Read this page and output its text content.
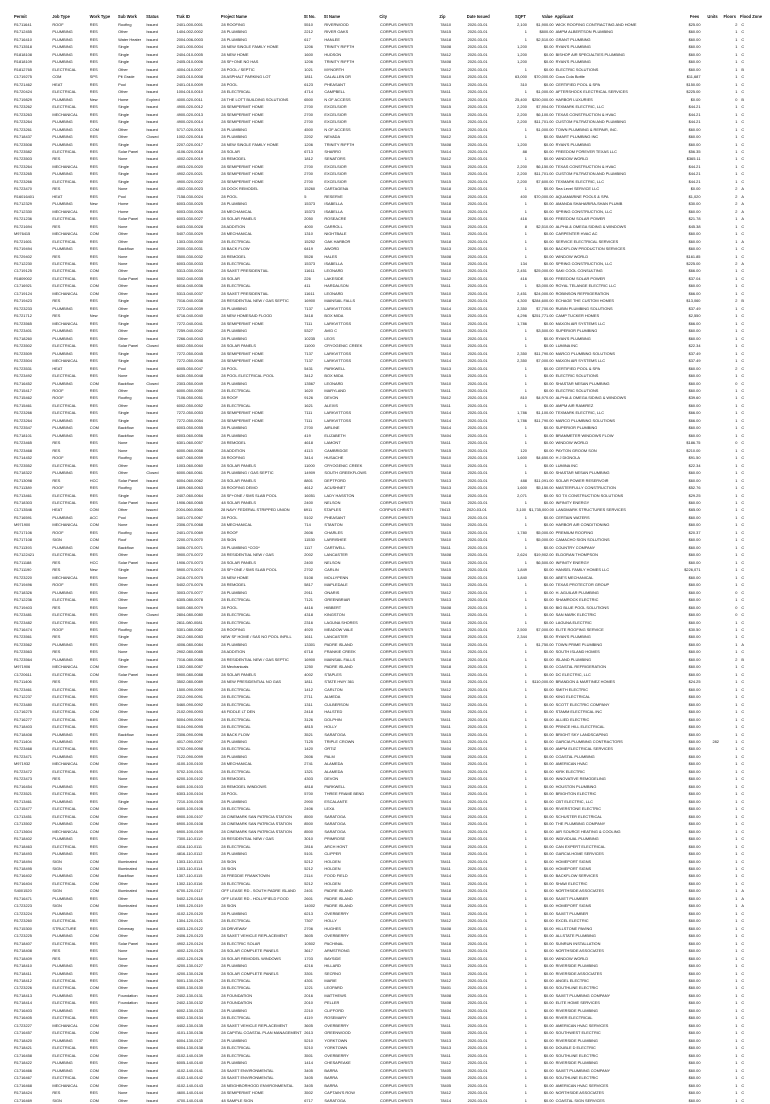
Permit	Job Type	Work Type	Sub Work	Status	Trak ID	Project Name	St No.	St Name	City	Zip	Date Issued	SQFT	Value Applicant	Fees	Units	Floors Flood Zone
R1711641	ROOF	RES	Roofing	Issued	2401-000-0001	28 ROOFING	5510	RIVERWOOD	CORPUS CHRISTI	78410	2020-03-01	2,100	$1,900.00 WICK ROOFING CONTRACTING AND HOME	$25.00	2	C
R1712455	PLUMBING	RES	Other	Issued	1404-002-0002	28 PLUMBING	2212	RIVER OAKS	CORPUS CHRISTI	78415	2020-03-01	1	$800.00 AMPM ALBERTSON PLUMBING	$60.00	1	C
R1716410	PLUMBING	RES	Water Heater	Issued	2004-006-0003	28 PLUMBING	617	HANLEE	CORPUS CHRISTI	78418	2020-03-01	1	$2,510.00 GRANT PLUMBING	$60.00	1	C
R1713518	PLUMBING	RES	Single	Issued	2401-000-0004	28 NEW SINGLE FAMILY HOME	1206	TRINITY RIFFTH	CORPUS CHRISTI	78408	2020-03-01	1,200	$0.00 RYAN'S PLUMBING	$60.00	1	C
R1818108	PLUMBING	RES	Single	Issued	2404-010-0005	28 NEW HOME	1600	HUDSON	CORPUS CHRISTI	78412	2020-03-01	1,200	$0.00 BISHOP AIR SPECIALTIES PLUMBING	$60.00	1	C
R1818109	PLUMBING	RES	Single	Issued	2405-010-0006	28 SF+ONE NO HAS	1206	TRINITY RIFFTH	CORPUS CHRISTI	78408	2020-03-01	1,200	$0.00 RYAN'S PLUMBING	$60.00	1	C
R1812765	ELECTRICAL	RES	Other	Issued	4004-010-0007	28 POOL / SEPTIC	1021	MYNORTH	CORPUS CHRISTI	78412	2020-03-01	1	$0.00 ELECTRIC SOLUTIONS	$60.00	1	B
C1719275	COM	SPS	Pit Grade	Issued	2403-010-0008	28 ASPHALT PARKING LOT	1811	CALALLEN DR	CORPUS CHRISTI	78410	2020-03-01	63,000	$70,000.00 Coca Cola Bottle	$11,687	1	C
R1721462	HEAT	RES	Pool	Issued	2401-010-0009	28 POOL	6123	PHEASANT	CORPUS CHRISTI	78413	2020-03-01	310	$0.00 CERTIFIED POOL & SPA	$150.00	1	C
R1720424	ELECTRICAL	RES	Other	Issued	1004-010-0010	28 ELECTRICAL	4714	CAMPBELL	CORPUS CHRISTI	78411	2020-03-01	1	$1,000.00 AFTERSHOCK ELECTRICAL SERVICES	$225.00	1	C
R1719829	PLUMBING	New	Home	Expired	4000-020-0011	28 THE LOTT BUILDING SOLUTIONS	6500	N OF ACCESS	CORPUS CHRISTI	78410	2020-03-01	25,400	$250,000.00 HARBOR LUXURIES	$0.00	0	B
R1723262	ELECTRICAL	RES	Single	Issued	4900-020-0012	28 SEMIPERMIT HOME	2700	EXCELSIOR	CORPUS CHRISTI	78415	2020-03-01	2,200	$7,904.00 TEXMARK ELECTRIC, LLC	$44.21	1	C
R1723263	MECHANICAL	RES	Single	Issued	4900-020-0013	28 SEMIPERMIT HOME	2700	EXCELSIOR	CORPUS CHRISTI	78415	2020-03-01	2,200	$6,100.00 TEXAS CONSTRUCTION & HVAC	$44.21	1	C
R1723264	PLUMBING	RES	Single	Issued	4900-020-0014	28 SEMIPERMIT HOME	2700	EXCELSIOR	CORPUS CHRISTI	78415	2020-03-01	2,200	$11,701.00 CUSTOM FILTRATION AND PLUMBING	$44.21	1	C
R1723261	PLUMBING	COM	Other	Issued	5717-020-0015	28 PLUMBING	4500	N OF ACCESS	CORPUS CHRISTI	78413	2020-03-01	1	$1,000.00 TOWN PLUMBING & REPAIR, INC.	$60.00	1	C
R1718437	PLUMBING	RES	Other	Closed	1002-020-0016	28 PLUMBING	2202	NEVADA	CORPUS CHRISTI	78412	2020-03-01	1	$0.00 SMART PLUMBING INC	$60.00	1	C
R1723508	PLUMBING	RES	Single	Issued	2207-020-0017	28 NEW SINGLE FAMILY HOME	1206	TRINITY RIFFTH	CORPUS CHRISTI	78408	2020-03-01	1,200	$0.00 RYAN'S PLUMBING	$60.00	1	C
R1723582	ELECTRICAL	RES	Solar Panel	Issued	4106-020-0018	28 SOLAR	6713	SHARRO	CORPUS CHRISTI	78414	2020-03-01	88	$0.00 FREEDOM FOREVER TEXAS LLC	$56.35	1	C
R1723503	RES	RES	None	Issued	4002-020-0019	28 REMODEL	1812	SENATORS	CORPUS CHRISTI	78412	2020-03-01	1	$0.00 WINDOW WORLD	$365.11	1	C
R1723264	MECHANICAL	RES	Single	Issued	4903-020-0020	28 SEMIPERMIT HOME	2700	EXCELSIOR	CORPUS CHRISTI	78415	2020-03-01	2,200	$6,150.00 TEXAS CONSTRUCTION & HVAC	$44.21	1	C
R1723265	PLUMBING	RES	Single	Issued	4902-020-0021	28 SEMIPERMIT HOME	2700	EXCELSIOR	CORPUS CHRISTI	78415	2020-03-01	2,200	$11,701.00 CUSTOM FILTRATION AND PLUMBING	$44.21	1	C
R1723266	ELECTRICAL	RES	Single	Issued	4900-020-0022	28 SEMIPERMIT HOME	2700	EXCELSIOR	CORPUS CHRISTI	78415	2020-03-01	2,200	$7,600.00 TEXMARK ELECTRIC, LLC	$44.21	1	C
R1723470	RES	RES	None	Issued	4502-030-0023	28 DOCK REMODEL	15260	CARTAGENA	CORPUS CHRISTI	78418	2020-03-01	1	$0.00 Sea Level SERVICE LLC	$0.00	2	A
R16016401	HEAT	RES	Pool	Issued	7158-030-0024	28 POOL	5	RESERVE	CORPUS CHRISTI	78418	2020-03-01	400	$70,000.00 AQUAMARINE POOLS & SPA	$1,020	2	A
R1712329	PLUMBING	New	Home	Issued	6003-030-0025	28 PLUMBING	15373	ISABELLA	CORPUS CHRISTI	78418	2020-03-01	1	$0.00 AMANDA SHAHARIRA-SHAN PLUMB	$30.00	2	A
R1712330	MECHANICAL	RES	Home	Issued	6003-030-0026	28 MECHANICAL	15373	ISABELLA	CORPUS CHRISTI	78418	2020-03-01	1	$0.00 SPRING CONSTRUCTION, LLC	$60.00	2	A
R1721236	ELECTRICAL	RES	Solar Panel	Issued	6003-030-0027	28 SOLAR PANELS	2050	ROSEACRE	CORPUS CHRISTI	78418	2020-03-01	416	$0.00 FREEDOM SOLAR POWER	$21.78	1	A
R1721694	RES	RES	None	Issued	6403-030-0028	28 ADDITION	4000	CARROLL	CORPUS CHRISTI	78415	2020-03-01	8	$2,510.00 ALPHA & OMEGA SIDING & WINDOWS	$45.38	1	C
M976415	MECHANICAL	COM	Other	Issued	5407-030-0029	28 MECHANICAL	1310	NIGHTBALE	CORPUS CHRISTI	78411	2020-03-01	1	$0.00 CARPENTER HVAC AC	$60.00	1	C
R1721601	ELECTRICAL	RES	Other	Issued	1303-030-0030	28 ELECTRICAL	15252	OAK HARBOR	CORPUS CHRISTI	78418	2020-03-01	1	$0.00 SERVICE ELECTRICAL SERVICES	$60.00	1	A
R1719494	PLUMBING	RES	Backflow	Issued	2000-030-0031	28 BACK FLOW	6419	AWORD	CORPUS CHRISTI	78413	2020-03-01	1	$0.00 BACKFLOW PRODUCTION SERVICES	$60.00	1	C
R1729402	RES	RES	None	Issued	5500-030-0032	28 REMODEL	5528	HALES	CORPUS CHRISTI	78408	2020-03-01	1	$0.00 WINDOW WORLD	$161.85	1	C
R1712230	ELECTRICAL	RES	None	Issued	6003-030-0033	28 ELECTRICAL	15373	ISABELLA	CORPUS CHRISTI	78418	2020-03-01	134	$0.00 SPRING CONSTRUCTION, LLC	$225.00	2	A
C1719125	ELECTRICAL	COM	Other	Issued	5313-030-0034	28 SAXET PRESIDENTIAL	11611	LEONARD	CORPUS CHRISTI	78410	2020-03-01	2,451	$25,000.00 SAKI COOL CONSULTING	$66.00	1	C
R1809002	ELECTRICAL	RES	Solar Panel	Issued	5002-040-0035	28 SOLAR	226	LAKESIDE	CORPUS CHRISTI	78412	2020-03-01	416	$0.00 FREEDOM SOLAR POWER	$37.04	1	C
C1716921	ELECTRICAL	COM	Other	Issued	6016-040-0036	28 ELECTRICAL	411	HARDALSON	CORPUS CHRISTI	78411	2020-03-01	1	$3,000.00 ROYAL TELANGE ELECTRIC LLC	$60.00	1	C
C1719124	MECHANICAL	COM	Other	Issued	5313-040-0037	28 SAXET PRESIDENTIAL	11611	LEONARD	CORPUS CHRISTI	78410	2020-03-01	2,451	$24,000.00 ROBINSON REFRIGERATION	$66.00	1	C
R1719423	RES	RES	Single	Issued	7016-040-0038	28 RESIDENTIAL NEW / GAS SEPTIC	16900	MAINSAIL FALLS	CORPUS CHRISTI	78418	2020-03-01	4,300	$284,600.00 ECHAGE THE CUSTOM HOMES	$13,060	2	B
R1723233	PLUMBING	RES	Other	Issued	7272-040-0039	28 PLUMBING	7137	LARKVITTOSS	CORPUS CHRISTI	78414	2020-03-01	2,350	$7,700.00 RUBIN PLUMBING SOLUTIONS	$37.49	1	C
R1721712	RES	New	Single	Issued	6716-040-0040	28 NEW HOMESAID FLOOD	3418	BOX MIDA	CORPUS CHRISTI	78415	2020-03-01	4,296	$251,771.00 CAMP TUCKER HOMES	$2,550	1	C
R1723565	MECHANICAL	RES	Single	Issued	7272-040-0041	28 SEMIPERMIT HOME	7111	LARKVITTOSS	CORPUS CHRISTI	78414	2020-03-01	1,786	$0.00 MAXON AIR SYSTEMS LLC	$66.00	1	C
R1723401	PLUMBING	RES	Other	Issued	7259-040-0042	28 PLUMBING	5327	AVID C	CORPUS CHRISTI	78415	2020-03-01	1	$3,500.00 SUPERIOR PLUMBING	$60.00	1	C
R1718260	PLUMBING	RES	Other	Issued	7266-040-0043	28 PLUMBING	10235	LEOS	CORPUS CHRISTI	78418	2020-03-01	1	$0.00 RYAN'S PLUMBING	$60.00	1	C
R1723502	ELECTRICAL	RES	Solar Panel	Closed	6002-050-0044	28 SOLAR PANELS	11000	CRYOGENIC CREEK	CORPUS CHRISTI	78410	2020-03-01	1	$0.00 LUMINA INC	$22.34	1	C
R1723509	PLUMBING	RES	Single	Issued	7272-050-0045	28 SEMIPERMIT HOME	7137	LARKVITTOSS	CORPUS CHRISTI	78414	2020-03-01	2,350	$11,790.00 MARCO PLUMBING SOLUTIONS	$37.49	1	C
R1723504	MECHANICAL	RES	Single	Issued	7272-050-0046	28 SEMIPERMIT HOME	7137	LARKVITTOSS	CORPUS CHRISTI	78414	2020-03-01	2,350	$7,000.00 MAXON AIR SYSTEMS LLC	$37.49	1	C
R1723531	HEAT	RES	Pool	Issued	6005-050-0047	28 POOL	5431	PARKWELL	CORPUS CHRISTI	78413	2020-03-01	1	$0.00 CERTIFIED POOL & SPA	$60.00	2	C
R1723492	ELECTRICAL	RES	None	Issued	6430-050-0048	28 POOL ELECTRICAL POOL	3412	BOX MIDA	CORPUS CHRISTI	78415	2020-03-01	1	$0.00 ELECTRIC SOLUTIONS	$60.00	1	C
R1716452	PLUMBING	COM	Backflow	Closed	2303-050-0049	28 PLUMBING	13567	LEONARD	CORPUS CHRISTI	78410	2020-03-01	1	$0.00 SHASTAR NESAN PLUMBING	$60.00	0	C
R1715417	ROOF	RES	Other	Issued	6000-050-0050	28 ELECTRICAL	1620	MARYLAND	CORPUS CHRISTI	78411	2020-03-01	1	$0.00 ELECTRIC SOLUTIONS	$60.00	1	C
R1715462	ROOF	RES	Roofing	Issued	7106-050-0051	28 ROOF	9126	DEVON	CORPUS CHRISTI	78412	2020-03-01	810	$4,970.00 ALPHA & OMEGA SIDING & WINDOWS	$39.60	1	C
R1715461	ELECTRICAL	RES	Other	Issued	6002-050-0052	28 ELECTRICAL	1621	ALEXIS	CORPUS CHRISTI	78411	2020-03-01	1	$0.00 AMPM AIR RAMIREZ	$60.00	1	C
R1723266	ELECTRICAL	RES	Single	Issued	7272-050-0053	28 SEMIPERMIT HOME	7111	LARKVITTOSS	CORPUS CHRISTI	78414	2020-03-01	1,786	$1,100.00 TEXMARK ELECTRIC, LLC	$66.00	1	C
R1723264	PLUMBING	RES	Single	Issued	7272-050-0054	28 SEMIPERMIT HOME	7111	LARKVITTOSS	CORPUS CHRISTI	78414	2020-03-01	1,786	$11,790.00 MARCO PLUMBING SOLUTIONS	$66.00	1	C
R1723547	PLUMBING	COM	Backflow	Issued	6003-050-0055	28 PLUMBING	2700	AIRLINE	CORPUS CHRISTI	78414	2020-03-01	1	$0.00 SUPERIOR PLUMBING	$60.00	1	C
R1718101	PLUMBING	RES	Backflow	Issued	6003-060-0056	28 PLUMBING	419	ELIZABETH	CORPUS CHRISTI	78404	2020-03-01	1	$0.00 BRAMMETER WINDOWS FLOW	$60.00	1	C
R1723465	RES	RES	None	Issued	6301-060-0057	28 REMODEL	4618	LAMONT	CORPUS CHRISTI	78411	2020-03-01	1	$0.00 WINDOW WORLD	$186.75	0	C
R1723468	RES	RES	None	Issued	6000-060-0058	28 ADDITION	4113	CAMBRIDGE	CORPUS CHRISTI	78415	2020-03-01	120	$0.00 PAYTON GROOM SON	$210.00	1	C
R1714452	ROOF	RES	Roofing	Issued	6407-060-0059	28 ROOFING	3414	HUSACHE	CORPUS CHRISTI	78410	2020-03-01	1,600	$4,650.00 H J DIGNOLA	$91.50	1	C
R1723552	ELECTRICAL	RES	Other	Issued	1003-060-0060	28 SOLAR PANELS	11000	CRYOGENIC CREEK	CORPUS CHRISTI	78410	2020-03-01	1	$0.00 LUMINA INC	$22.34	1	C
R1718322	PLUMBING	RES	Other	Closed	6000-060-0061	28 PLUMBING / GAS SEPTIC	14909	SOUTH GREEKFLOWS	CORPUS CHRISTI	78418	2020-03-01	1	$0.00 SHASTAR NESAN PLUMBING	$60.00	1	C
R1713098	RES	HCC	Solar Panel	Issued	6004-060-0062	28 SOLAR PANELS	8801	DEPTFORD	CORPUS CHRISTI	78413	2020-03-01	488	$11,091.00 SOLAR POWER RESERVOIR	$60.00	1	C
R1711389	ROOF	RES	Roofing	Issued	1809-060-0063	28 ROOFING DEMO	4612	ACUSHNET	CORPUS CHRISTI	78413	2020-03-01	1,600	$5,150.00 MASTERFULLY CONSTRUCTION	$52.76	1	C
R1713461	ELECTRICAL	RES	Single	Issued	2407-060-0064	28 SF+ONE / SMS SLAB POOL	16051	LADY HASSTON	CORPUS CHRISTI	78418	2020-03-01	2,071	$0.00 SO TX CONSTRUCTION SOLUTIONS	$29.25	1	C
R1718303	ELECTRICAL	RES	Solar Panel	Issued	1906-060-0065	48 SOLAR PANELS	2400	NELSON	CORPUS CHRISTI	78415	2020-03-01	1	$0.00 INFINITY ENERGY	$60.00	1	C
C1713546	HEAT	COM	Other	Issued	2004-060-0066	28 NAVY FEDERAL STRIPPED UNION	6911	STAPLES	CORPUS CHRISTI	78413	2020-03-01	3,100 $1,735,000.00 LANDMARK STRUCTURES SERVICES	$65.00	1	C
R1716591	PLUMBING	ACC	Pool	Issued	3401-070-0067	28 POOL	5102	PHEASANT	CORPUS CHRISTI	78413	2020-03-01	1	$0.00 CERTAIN WATERS	$60.00	1	C
M971900	MECHANICAL	COM	None	Issued	2306-070-0068	28 MECHANICAL	714	STANTON	CORPUS CHRISTI	78404	2020-03-01	1	$0.00 HARBOR AIR CONDITIONING	$60.00	1	C
R1717106	ROOF	RES	Roofing	Issued	2401-070-0069	28 ROOF	2606	CHARLES	CORPUS CHRISTI	78415	2020-03-01	1,780	$5,000.00 PREMIUM ROOFING	$20.37	1	C
R1717108	SIGN	COM	Roof	Issued	2200-070-0070	28 SIGN	11530	LARRISHEE	CORPUS CHRISTI	78410	2020-03-01	1	$5,000.00 CAMACHO SIGN SOLUTIONS	$60.00	1	C
R1711393	PLUMBING	COM	Backflow	Issued	3406-070-0071	28 PLUMBING *COD*	1117	CARTWELL	CORPUS CHRISTI	78411	2020-03-01	1	$0.00 COUNTRY COMPANY	$60.00	1	C
R17122421	ELECTRICAL	RES	Other	Issued	3900-070-0072	28 RESIDENTIAL NEW / GAS	2002	LANCASTER	CORPUS CHRISTI	78408	2020-03-01	2,624	$19,902.00 ELDORAN THOMPSON	$60.00	1	C
R1711188	RES	HCC	Solar Panel	Issued	1906-070-0073	28 SOLAR PANELS	2400	NELSON	CORPUS CHRISTI	78415	2020-03-01	1	$6,500.00 INFINITY ENERGY	$60.00	1	C
R1711190	RES	New	Single	Issued	5900-070-0074	28 SF+ONE / SMS SLAB POOL	2702	CARLIN	CORPUS CHRISTI	78415	2020-03-01	1,849	$0.00 HANSEL FAMILY HOMES LLC	$226,071	1	C
R1723220	MECHANICAL	RES	None	Issued	2416-070-0075	28 NEW HOME	5108	MOLLYPENN	CORPUS CHRISTI	78408	2020-03-01	1,840	$0.00 ABE'S MECHANICAL	$60.00	1	C
R1719496	ROOF	RES	Other	Issued	5402-070-0076	28 REMODEL	5817	MAPLEDALE	CORPUS CHRISTI	78413	2020-03-01	1	$0.00 TEXAS PROTECTOR GROUP	$60.00	1	C
R1718326	PLUMBING	RES	Other	Issued	3003-070-0077	28 PLUMBING	2911	ONARIS	CORPUS CHRISTI	78412	2020-03-01	1	$0.00 H. AGUILAR PLUMBING	$60.00	0	C
R1712236	ELECTRICAL	RES	Other	Issued	6305-080-0078	28 ELECTRICAL	7121	GREENBRIAR	CORPUS CHRISTI	78413	2020-03-01	1	$0.00 SHAMROCK ELECTRIC	$60.00	1	C
R1719403	RES	RES	None	Issued	5400-080-0079	28 POOL	4416	HIBBERT	CORPUS CHRISTI	78408	2020-03-01	1	$0.00 BIG BLUE POOL SOLUTIONS	$60.00	0	C
R1723481	ELECTRICAL	RES	Other	Closed	2804-080-0080	28 ELECTRICAL	4318	KINGSTON	CORPUS CHRISTI	78411	2020-03-01	1	$0.00 SAN MARK ELECTRIC	$60.00	0	C
R1723482	ELECTRICAL	RES	Other	Issued	2811-080-0081	28 ELECTRICAL	2316	LAGUNA SHORES	CORPUS CHRISTI	78418	2020-03-01	1	$0.00 LAGUNA ELECTRIC	$60.00	1	C
R1716474	ROOF	RES	Roofing	Issued	5301-080-0082	28 ROOFING	4920	MEADOW VALE	CORPUS CHRISTI	78413	2020-03-01	2,500	$7,000.00 ELITE ROOFING SERVICE	$30.50	1	C
R1723561	RES	RES	Single	Issued	2612-080-0083	NEW SF HOME / SAS NO POOL INFILL	1611	LANCASTER	CORPUS CHRISTI	78418	2020-03-01	2,344	$0.00 RYAN'S PLUMBING	$60.00	1	C
R1723562	PLUMBING	RES	Other	Issued	4006-080-0084	28 PLUMBING	13301	PADRE ISLAND	CORPUS CHRISTI	78418	2020-03-01	1	$1,750.00 TOWN PRIME PLUMBING	$60.00	1	A
R1723563	RES	RES	None	Issued	2902-080-0085	28 ADDITION	6718	FRANKIE CREEK	CORPUS CHRISTI	78414	2020-03-01	1	$0.00 SOUTH ISLAND HOMES	$60.00	1	C
R1723564	PLUMBING	RES	Single	Issued	7016-080-0086	28 RESIDENTIAL NEW / GAS SEPTIC	16900	MAINSAIL FALLS	CORPUS CHRISTI	78418	2020-03-01	1	$0.00 ISLAND PLUMBING	$60.00	2	B
M971906	MECHANICAL	COM	Other	Issued	1302-080-0087	28 Mechanicals	1250	PADRE ISLAND	CORPUS CHRISTI	78418	2020-03-01	1	$0.00 COASTAL REFRIGERATION	$60.00	1	C
C1720611	ELECTRICAL	COM	Solar Panel	Issued	5900-080-0088	28 SOLAR PANELS	4002	STAPLES	CORPUS CHRISTI	78411	2020-03-01	1	$0.00 DC ELECTRIC, LLC	$60.00	1	C
R1711406	RES	RES	Other	Issued	3502-080-0089	28 NEW PRESIDENTIAL NO GAS	1811	STATE HWY 361	CORPUS CHRISTI	78418	2020-03-01	1	$110,000.00 BRANDON & MARTINEZ HOMES	$24.25	1	C
R1723461	ELECTRICAL	RES	Other	Issued	1500-090-0090	28 ELECTRICAL	1412	CARLTON	CORPUS CHRISTI	78412	2020-03-01	1	$0.00 SMITH ELECTRIC	$60.00	1	C
R1712237	ELECTRICAL	RES	Other	Issued	2312-090-0091	28 ELECTRICAL	2711	ALMEDA	CORPUS CHRISTI	78404	2020-03-01	1	$0.00 KING ELECTRICAL	$60.00	1	C
R1723480	ELECTRICAL	RES	Other	Issued	5460-090-0092	28 ELECTRICAL	1311	CULBERSON	CORPUS CHRISTI	78412	2020-03-01	1	$0.00 SCOTT ELECTRIC COMPANY	$60.00	1	C
C1716275	ELECTRICAL	COM	Other	Issued	2102-090-0093	48 FIDDLE LT DEN	2418	HALSTED	CORPUS CHRISTI	78404	2020-03-01	1	$0.00 STAMM ELECTRICAL INC	$60.00	1	C
R1716277	ELECTRICAL	RES	Other	Issued	5004-090-0094	28 ELECTRICAL	3126	DOLPHIN	CORPUS CHRISTI	78411	2020-03-01	1	$0.00 ALLIED ELECTRIC	$60.00	1	C
R1718403	ELECTRICAL	RES	Other	Issued	5104-090-0095	28 ELECTRICAL	4815	HOLLY	CORPUS CHRISTI	78411	2020-03-01	1	$0.00 PRINCE HILL ELECTRICAL	$60.00	1	C
R1718408	PLUMBING	RES	Backflow	Issued	2306-090-0096	28 BACK FLOW	3521	SARATOGA	CORPUS CHRISTI	78415	2020-03-01	1	$0.00 BRIGHT SKY LANDSCAPING	$60.00	1	C
R1711404	PLUMBING	RES	Other	Issued	4017-090-0097	28 PLUMBING	7125	TRIPLE CROWN	CORPUS CHRISTI	78413	2020-03-01	1	$0.00 GARCIA PLUMBING CONTRACTORS	$60.00	282	1	C
R1723468	ELECTRICAL	RES	Other	Issued	5702-090-0098	28 ELECTRICAL	1420	ORTIZ	CORPUS CHRISTI	78404	2020-03-01	1	$0.00 AMPM ELECTRICAL SERVICES	$60.00	1	C
R1723471	PLUMBING	RES	Other	Issued	7122-090-0099	28 PLUMBING	2606	PALM	CORPUS CHRISTI	78408	2020-03-01	1	$0.00 COASTAL PLUMBING	$60.00	1	C
M971932	MECHANICAL	COM	Other	Issued	4100-100-0100	28 MECHANICAL	2741	ALAMEDA	CORPUS CHRISTI	78404	2020-03-01	1	$0.00 AMERICAN HVAC	$60.00	1	C
R1723472	ELECTRICAL	RES	Other	Issued	5702-100-0101	28 ELECTRICAL	1321	ALAMEDA	CORPUS CHRISTI	78404	2020-03-01	1	$0.00 KIRK ELECTRIC	$60.00	1	C
R1723473	RES	RES	None	Issued	6200-100-0102	28 REMODEL	4303	DEVON	CORPUS CHRISTI	78412	2020-03-01	1	$0.00 INNOVATIVE REMODELING	$60.00	1	C
R1716454	PLUMBING	RES	Other	Issued	6400-100-0103	28 REMODEL WINDOWS	4818	PARKWELL	CORPUS CHRISTI	78413	2020-03-01	1	$0.00 HOUSTON PLUMBING	$60.00	1	C
R1723521	ELECTRICAL	RES	Other	Issued	6303-100-0104	28 POOL	5700	THREE FRAME BEND	CORPUS CHRISTI	78414	2020-03-01	1	$0.00 BRIGHTON ELECTRIC	$60.00	1	C
R1713461	PLUMBING	RES	Single	Issued	7210-100-0105	28 PLUMBING	2900	ESCALANTE	CORPUS CHRISTI	78414	2020-03-01	1	$0.00 CBT ELECTRIC, LLC	$60.00	1	C
C1715477	ELECTRICAL	COM	Other	Issued	6400-100-0106	28 ELECTRICAL	2406	LEXA	CORPUS CHRISTI	78415	2020-03-01	1	$0.00 RIVERSTONE ELECTRIC	$60.00	1	C
C1713451	ELECTRICAL	COM	Other	Issued	6900-100-0107	28 CINEMARK SAN PATRICIA STATION	8500	SARATOGA	CORPUS CHRISTI	78414	2020-03-01	1	$0.00 SCHUSTER ELECTRICAL	$60.00	1	C
C1713502	PLUMBING	COM	Other	Issued	6900-100-0108	28 CINEMARK SAN PATRICIA STATION	8500	SARATOGA	CORPUS CHRISTI	78414	2020-03-01	1	$0.00 THE PLUMBING COMPANY	$60.00	1	C
C1713604	MECHANICAL	COM	Other	Issued	6900-100-0109	28 CINEMARK SAN PATRICIA STATION	8500	SARATOGA	CORPUS CHRISTI	78414	2020-03-01	1	$0.00 AIR SOURCE HEATING & COOLING	$60.00	1	C
R1718402	PLUMBING	RES	Other	Issued	7300-110-0110	28 RESIDENTIAL NEW / GAS	3010	PRIMROSE	CORPUS CHRISTI	78418	2020-03-01	1	$0.00 INDIVIDUAL PLUMBING	$60.00	1	C
R1718463	ELECTRICAL	RES	Other	Issued	4316-110-0111	28 ELECTRICAL	2816	ARCH HONT	CORPUS CHRISTI	78418	2020-03-01	1	$0.00 CAN EXPERT ELECTRICAL	$60.00	1	C
R1718493	PLUMBING	RES	Other	Issued	4816-110-0112	28 PLUMBING	5101	CLIPPER	CORPUS CHRISTI	78418	2020-03-01	1	$0.00 GARCIA HOME SERVICES	$60.00	1	C
R1718494	SIGN	COM	Illuminated	Issued	1303-110-0113	28 SIGN	5212	HOLDEN	CORPUS CHRISTI	78411	2020-03-01	1	$0.00 HOMEPORT SIGNS	$60.00	1	C
R1718495	SIGN	COM	Illuminated	Issued	1303-110-0114	28 SIGN	5212	HOLDEN	CORPUS CHRISTI	78411	2020-03-01	1	$0.00 HOMEPORT SIGNS	$60.00	1	C
R1716402	PLUMBING	COM	Backflow	Issued	1307-110-0115	28 FREDDIE FRANKTOWN	2114	FOOD FIELD	CORPUS CHRISTI	78414	2020-03-01	1	$0.00 BACKFLOW SERVICES	$60.00	1	C
R1716404	ELECTRICAL	COM	Other	Issued	1302-110-0116	28 ELECTRICAL	5212	HOLDEN	CORPUS CHRISTI	78411	2020-03-01	1	$0.00 SHAW ELECTRIC	$60.00	1	C
S4001520	SIGN	COM	Illuminated	Issued	6700-120-0117	OFF LEASE RD - SOUTH PADRE ISLAND	2401	PADRE ISLAND	CORPUS CHRISTI	78418	2020-03-01	1	$0.00 NORTHSIDE ASSOCIATES	$60.00	1	A
R1716471	PLUMBING	RES	Other	Issued	5402-120-0118	OFF LEASE RD - HOLLYFIELD FOOD	2601	PADRE ISLAND	CORPUS CHRISTI	78418	2020-03-01	1	$0.00 SAXET PLUMBER	$60.00	1	A
C1723223	SIGN	COM	Illuminated	Issued	1900-120-0119	28 SIGN	14002	PADRE ISLAND	CORPUS CHRISTI	78418	2020-03-01	1	$0.00 HOMEPORT SIGNS	$60.00	1	A
C1723224	PLUMBING	RES	Other	Issued	4102-120-0120	28 PLUMBING	6213	OVERBERRY	CORPUS CHRISTI	78411	2020-03-01	1	$0.00 SAXET PLUMBER	$60.00	1	C
R1723260	ELECTRICAL	RES	Other	Issued	1304-120-0121	28 ELECTRICAL	7307	HOLLY	CORPUS CHRISTI	78412	2020-03-01	1	$0.00 EXCEL ELECTRIC	$60.00	1	C
R1715300	STRUCTURE	RES	Driveway	Issued	6303-120-0122	28 DRIVEWAY	2706	HUGHES	CORPUS CHRISTI	78408	2020-03-01	1	$0.00 HILLSTONE PAVING	$60.00	1	C
C1723225	PLUMBING	COM	Other	Issued	2406-120-0123	28 SAXET VEHICLE REPLACEMENT	3605	OVERBERRY	CORPUS CHRISTI	78411	2020-03-01	1	$0.00 ALLSTATE PLUMBING	$60.00	1	C
R1718407	ELECTRICAL	RES	Solar Panel	Issued	4902-120-0124	28 ELECTRIC SOLAR	10502	PACHINAL	CORPUS CHRISTI	78418	2020-03-01	1	$0.00 SUNRUN INSTALLATION	$60.00	1	C
R1718408	RES	RES	None	Issued	4002-120-0125	28 SOLAR COMPLETE PANELS	3617	ARMSTRONG	CORPUS CHRISTI	78415	2020-03-01	1	$0.00 NORTHSIDE ASSOCIATES	$60.00	1	C
R1718409	RES	RES	None	Issued	4002-120-0126	28 SOLAR REMODEL WINDOWS	1703	BAYSIDE	CORPUS CHRISTI	78411	2020-03-01	1	$0.00 WINDOW WORLD	$60.00	1	C
R1718410	PLUMBING	RES	Other	Issued	4200-130-0127	28 PLUMBING	4216	HILLARD	CORPUS CHRISTI	78413	2020-03-01	1	$0.00 RIVERSIDE PLUMBING	$60.00	1	C
R1718411	PLUMBING	RES	Other	Issued	4200-130-0128	28 SOLAR COMPLETE PANELS	3301	SECRNO	CORPUS CHRISTI	78415	2020-03-01	1	$0.00 RIVERSIDE ASSOCIATES	$60.00	1	C
R1718412	ELECTRICAL	RES	Other	Issued	5001-130-0129	28 ELECTRICAL	4301	MARIE	CORPUS CHRISTI	78412	2020-03-01	1	$0.00 ANGEL ELECTRIC	$60.00	1	C
C1723226	ELECTRICAL	COM	Other	Issued	6300-130-0130	28 ELECTRICAL	1221	LEOPARD	CORPUS CHRISTI	78401	2020-03-01	1	$0.00 SOUTHLINE ELECTRIC	$60.00	1	C
R1718413	PLUMBING	RES	Foundation	Issued	2402-130-0131	28 FOUNDATION	2016	MATTHEWS	CORPUS CHRISTI	78408	2020-03-01	1	$0.00 SAXET PLUMBING COMPANY	$60.00	1	C
R1718414	ELECTRICAL	RES	Foundation	Issued	2402-130-0132	28 FOUNDATION	2010	PELLER	CORPUS CHRISTI	78408	2020-03-01	1	$0.00 ELITE HOME SERVICES	$60.00	1	C
R1716403	PLUMBING	RES	Other	Issued	6002-130-0133	28 PLUMBING	2210	CLIFFORD	CORPUS CHRISTI	78404	2020-03-01	1	$0.00 RIVERSIDE PLUMBING	$60.00	1	C
R1716405	ELECTRICAL	RES	Other	Issued	6002-130-0134	28 ELECTRICAL	4119	ROSEMARY	CORPUS CHRISTI	78411	2020-03-01	1	$0.00 RIVER ELECTRICAL	$60.00	1	C
C1723227	MECHANICAL	COM	Other	Issued	4402-130-0135	28 SAXET VEHICLE REPLACEMENT	3605	OVERBERRY	CORPUS CHRISTI	78411	2020-03-01	1	$0.00 AMERICAN HVAC SERVICES	$60.00	1	C
C1716457	ELECTRICAL	COM	Other	Issued	4101-130-0136	28 CAPITAL COASTAL PLAN MANAGEMENT 2613	GREENWOOD	CORPUS CHRISTI	78405	2020-03-01	1	$0.00 SOUTHWEST ELECTRIC	$60.00	1	C
R1718420	PLUMBING	RES	Other	Issued	6004-130-0137	28 PLUMBING	5210	YORKTOWN	CORPUS CHRISTI	78413	2020-03-01	1	$0.00 RIVERSIDE PLUMBING	$60.00	1	C
R1718421	ELECTRICAL	RES	Other	Issued	6004-130-0138	28 ELECTRICAL	5210	YORKTOWN	CORPUS CHRISTI	78413	2020-03-01	1	$0.00 DOUBLE D ELECTRIC	$60.00	1	C
C1716458	ELECTRICAL	COM	Other	Issued	4102-140-0139	28 ELECTRICAL	3501	OVERBERRY	CORPUS CHRISTI	78411	2020-03-01	1	$0.00 SOUTHLINE ELECTRIC	$60.00	1	C
R1718422	PLUMBING	RES	Other	Issued	6005-140-0140	28 PLUMBING	1414	CHESAPEAKE	CORPUS CHRISTI	78412	2020-03-01	1	$0.00 RIVERSIDE PLUMBING	$60.00	1	C
C1716466	PLUMBING	COM	Other	Issued	4102-140-0141	28 SAXET ENVIRONMENTAL	3405	BARRA	CORPUS CHRISTI	78405	2020-03-01	1	$0.00 SAXET PLUMBING COMPANY	$60.00	1	C
C1716467	ELECTRICAL	COM	Other	Issued	4102-140-0142	28 SAXET ENVIRONMENTAL	3405	BARRA	CORPUS CHRISTI	78405	2020-03-01	1	$0.00 SOUTHLINE ELECTRIC	$60.00	1	C
C1716468	MECHANICAL	COM	Other	Issued	4102-140-0143	28 NEIGHBORHOOD ENVIRONMENTAL	3405	BARRA	CORPUS CHRISTI	78405	2020-03-01	1	$0.00 AMERICAN HVAC SERVICES	$60.00	1	C
R1718424	RES	RES	None	Issued	4600-140-0144	28 SEMIPERMIT HOME	3502	CAPTAIN'S ROW	CORPUS CHRISTI	78412	2020-03-01	1	$0.00 NORTHSIDE ASSOCIATES	$60.00	1	C
C1716469	SIGN	COM	Other	Issued	4700-140-0145	48 SAMPLE SIGN	6717	SARATOGA	CORPUS CHRISTI	78414	2020-03-01	1	$0.00 COASTAL SIGN SERVICES	$60.00	1	C
